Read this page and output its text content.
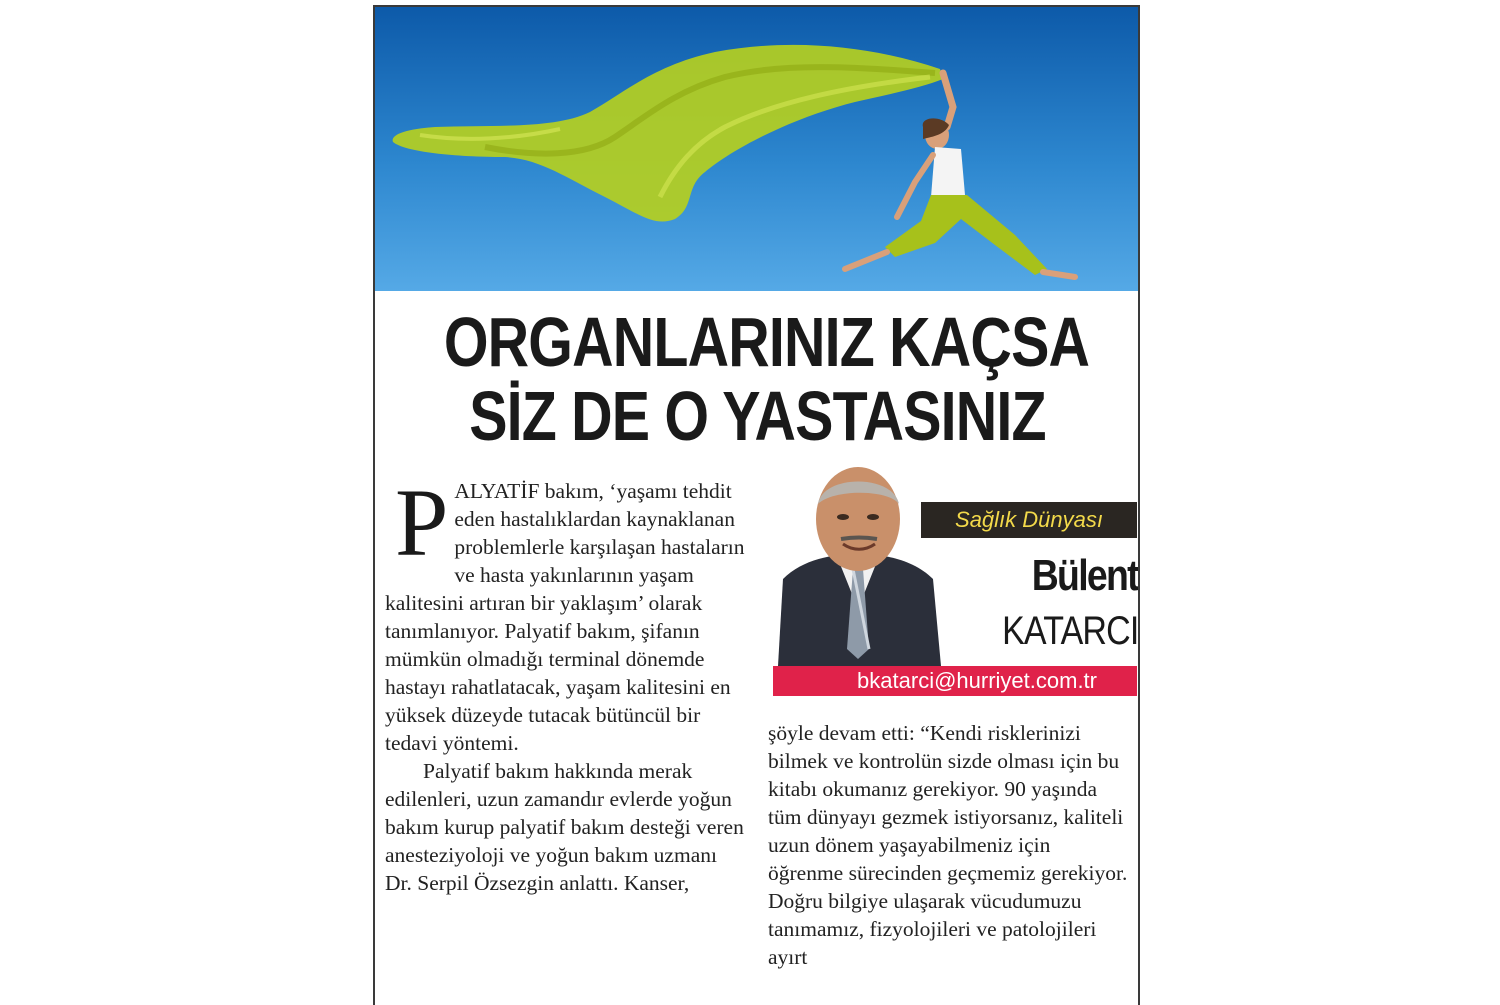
ORGANLARINIZ KAÇSA
SİZ DE O YASTASINIZ

PALYATİF bakım, ‘yaşamı tehdit eden hastalıklardan kaynaklanan problemlerle karşılaşan hastaların ve hasta yakınlarının yaşam kalitesini artıran bir yaklaşım’ olarak tanımlanıyor. Palyatif bakım, şifanın mümkün olmadığı terminal dönemde hastayı rahatlatacak, yaşam kalitesini en yüksek düzeyde tutacak bütüncül bir tedavi yöntemi.

Palyatif bakım hakkında merak edilenleri, uzun zamandır evlerde yoğun bakım kurup palyatif bakım desteği veren anesteziyoloji ve yoğun bakım uzmanı Dr. Serpil Özsezgin anlattı. Kanser,

Sağlık Dünyası
Bülent
KATARCI
bkatarci@hurriyet.com.tr

şöyle devam etti: “Kendi risklerinizi bilmek ve kontrolün sizde olması için bu kitabı okumanız gerekiyor. 90 yaşında tüm dünyayı gezmek istiyorsanız, kaliteli uzun dönem yaşayabilmeniz için öğrenme sürecinden geçmemiz gerekiyor. Doğru bilgiye ulaşarak vücudumuzu tanımamız, fizyolojileri ve patolojileri ayırt
